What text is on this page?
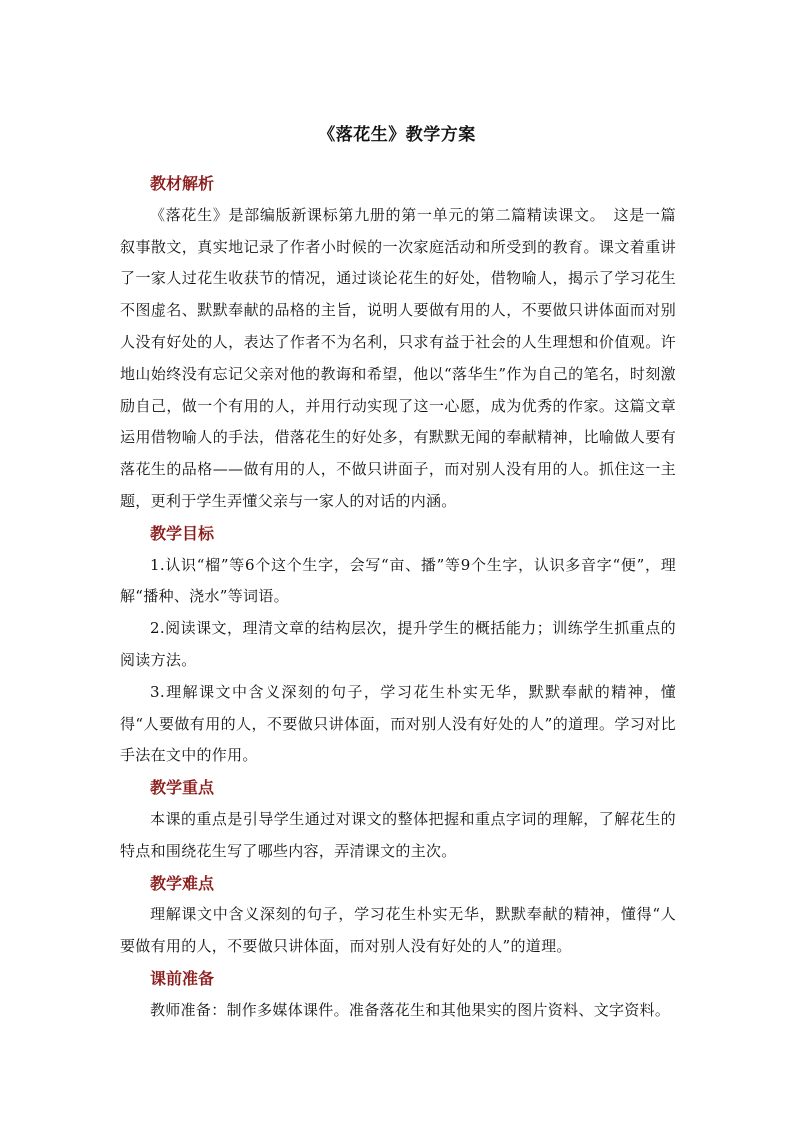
《落花生》教学方案

教材解析

《落花生》是部编版新课标第九册的第一单元的第二篇精读课文。　这是一篇叙事散文，真实地记录了作者小时候的一次家庭活动和所受到的教育。课文着重讲了一家人过花生收获节的情况，通过谈论花生的好处，借物喻人，揭示了学习花生不图虚名、默默奉献的品格的主旨，说明人要做有用的人，不要做只讲体面而对别人没有好处的人，表达了作者不为名利，只求有益于社会的人生理想和价值观。许地山始终没有忘记父亲对他的教诲和希望，他以“落华生”作为自己的笔名，时刻激励自己，做一个有用的人，并用行动实现了这一心愿，成为优秀的作家。这篇文章运用借物喻人的手法，借落花生的好处多，有默默无闻的奉献精神，比喻做人要有落花生的品格——做有用的人，不做只讲面子，而对别人没有用的人。抓住这一主题，更利于学生弄懂父亲与一家人的对话的内涵。

教学目标

1.认识“榴”等6个这个生字，会写“亩、播”等9个生字，认识多音字“便”，理解“播种、浇水”等词语。

2.阅读课文，理清文章的结构层次，提升学生的概括能力；训练学生抓重点的阅读方法。

3.理解课文中含义深刻的句子，学习花生朴实无华，默默奉献的精神，懂得“人要做有用的人，不要做只讲体面，而对别人没有好处的人”的道理。学习对比手法在文中的作用。

教学重点

本课的重点是引导学生通过对课文的整体把握和重点字词的理解，了解花生的特点和围绕花生写了哪些内容，弄清课文的主次。

教学难点

理解课文中含义深刻的句子，学习花生朴实无华，默默奉献的精神，懂得“人要做有用的人，不要做只讲体面，而对别人没有好处的人”的道理。

课前准备

教师准备：制作多媒体课件。准备落花生和其他果实的图片资料、文字资料。
